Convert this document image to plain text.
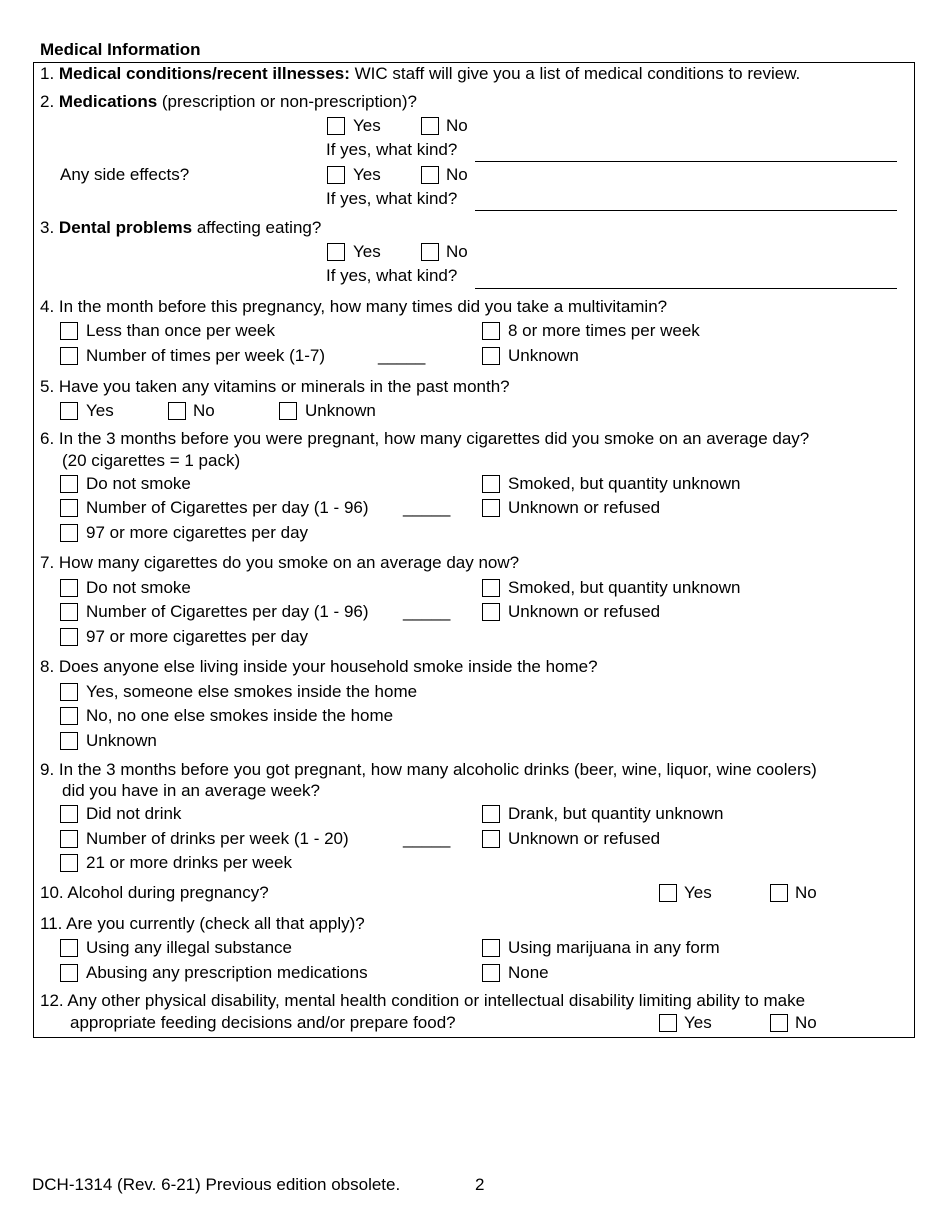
Medical Information
1. Medical conditions/recent illnesses: WIC staff will give you a list of medical conditions to review.
2. Medications (prescription or non-prescription)?
Yes	No
If yes, what kind?
Any side effects?	Yes	No
If yes, what kind?
3. Dental problems affecting eating?
Yes	No
If yes, what kind?
4. In the month before this pregnancy, how many times did you take a multivitamin?
Less than once per week	8 or more times per week
Number of times per week (1-7)	_____	Unknown
5. Have you taken any vitamins or minerals in the past month?
Yes	No	Unknown
6. In the 3 months before you were pregnant, how many cigarettes did you smoke on an average day?
(20 cigarettes = 1 pack)
Do not smoke	Smoked, but quantity unknown
Number of Cigarettes per day (1 - 96) _____	Unknown or refused
97 or more cigarettes per day
7. How many cigarettes do you smoke on an average day now?
Do not smoke	Smoked, but quantity unknown
Number of Cigarettes per day (1 - 96) _____	Unknown or refused
97 or more cigarettes per day
8. Does anyone else living inside your household smoke inside the home?
Yes, someone else smokes inside the home
No, no one else smokes inside the home
Unknown
9. In the 3 months before you got pregnant, how many alcoholic drinks (beer, wine, liquor, wine coolers)
did you have in an average week?
Did not drink	Drank, but quantity unknown
Number of drinks per week (1 - 20)	_____	Unknown or refused
21 or more drinks per week
10. Alcohol during pregnancy?	Yes	No
11. Are you currently (check all that apply)?
Using any illegal substance	Using marijuana in any form
Abusing any prescription medications	None
12. Any other physical disability, mental health condition or intellectual disability limiting ability to make
appropriate feeding decisions and/or prepare food?	Yes	No
DCH-1314 (Rev. 6-21) Previous edition obsolete.	2
